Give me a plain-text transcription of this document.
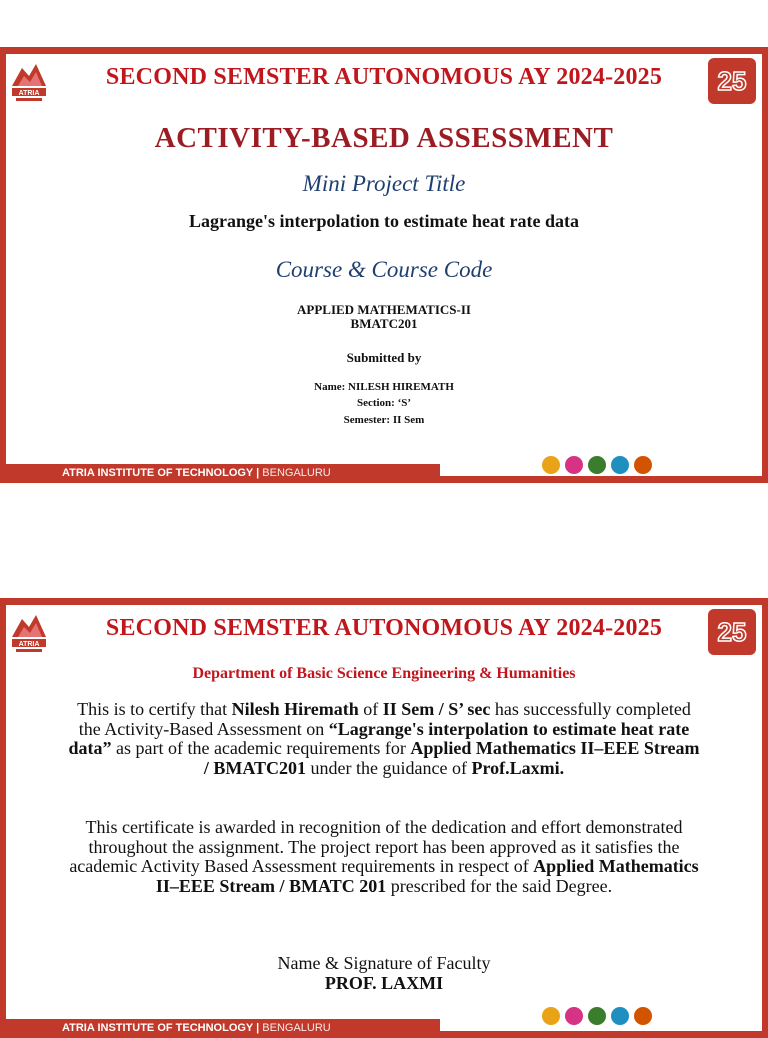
ATRIA
SECOND SEMSTER AUTONOMOUS AY 2024-2025	25
ACTIVITY-BASED ASSESSMENT
Mini Project Title
Lagrange's interpolation to estimate heat rate data
Course & Course Code
APPLIED MATHEMATICS-II
BMATC201
Submitted by
Name: NILESH HIREMATH
Section: ‘S’
Semester: II Sem
ATRIA INSTITUTE OF TECHNOLOGY | BENGALURU
ATRIA
SECOND SEMSTER AUTONOMOUS AY 2024-2025	25
Department of Basic Science Engineering & Humanities
This is to certify that Nilesh Hiremath of II Sem / S’ sec has successfully completed the Activity-Based Assessment on “Lagrange's interpolation to estimate heat rate data” as part of the academic requirements for Applied Mathematics II–EEE Stream / BMATC201 under the guidance of Prof.Laxmi.
This certificate is awarded in recognition of the dedication and effort demonstrated throughout the assignment. The project report has been approved as it satisfies the academic Activity Based Assessment requirements in respect of Applied Mathematics II–EEE Stream / BMATC 201 prescribed for the said Degree.
Name & Signature of Faculty
PROF. LAXMI
ATRIA INSTITUTE OF TECHNOLOGY | BENGALURU
